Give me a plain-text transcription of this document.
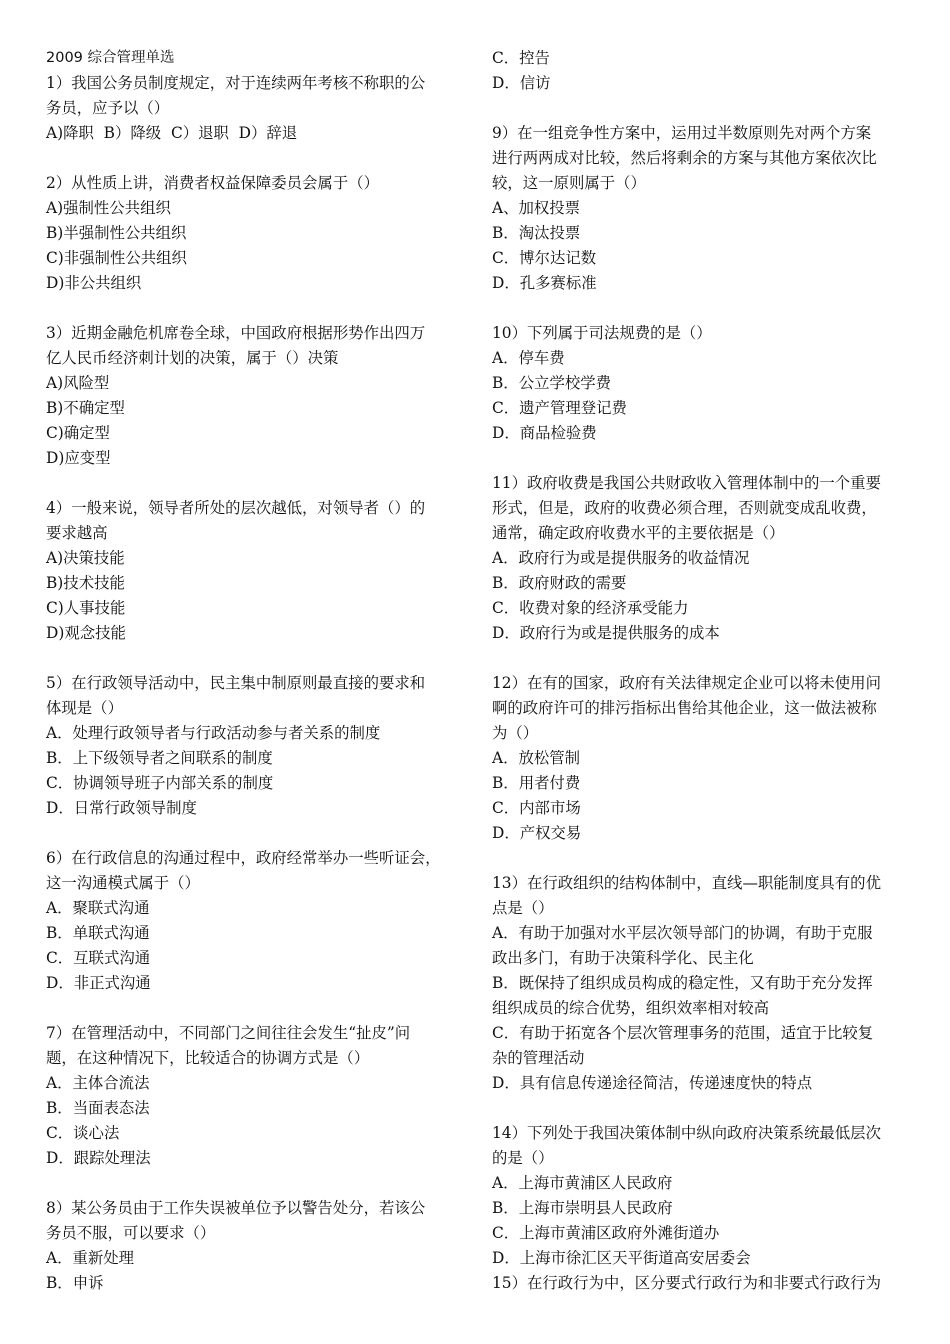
2009 综合管理单选
1）我国公务员制度规定，对于连续两年考核不称职的公
务员，应予以（）
A)降职  B）降级  C）退职  D）辞退
2）从性质上讲，消费者权益保障委员会属于（）
A)强制性公共组织
B)半强制性公共组织
C)非强制性公共组织
D)非公共组织
3）近期金融危机席卷全球，中国政府根据形势作出四万
亿人民币经济刺计划的决策，属于（）决策
A)风险型
B)不确定型
C)确定型
D)应变型
4）一般来说，领导者所处的层次越低，对领导者（）的
要求越高
A)决策技能
B)技术技能
C)人事技能
D)观念技能
5）在行政领导活动中，民主集中制原则最直接的要求和
体现是（）
A．处理行政领导者与行政活动参与者关系的制度
B．上下级领导者之间联系的制度
C．协调领导班子内部关系的制度
D．日常行政领导制度
6）在行政信息的沟通过程中，政府经常举办一些听证会，
这一沟通模式属于（）
A．聚联式沟通
B．单联式沟通
C．互联式沟通
D．非正式沟通
7）在管理活动中，不同部门之间往往会发生“扯皮”问
题，在这种情况下，比较适合的协调方式是（）
A．主体合流法
B．当面表态法
C．谈心法
D．跟踪处理法
8）某公务员由于工作失误被单位予以警告处分，若该公
务员不服，可以要求（）
A．重新处理
B．申诉
C．控告
D．信访
9）在一组竞争性方案中，运用过半数原则先对两个方案
进行两两成对比较，然后将剩余的方案与其他方案依次比
较，这一原则属于（）
A、加权投票
B．淘汰投票
C．博尔达记数
D．孔多赛标准
10）下列属于司法规费的是（）
A．停车费
B．公立学校学费
C．遗产管理登记费
D．商品检验费
11）政府收费是我国公共财政收入管理体制中的一个重要
形式，但是，政府的收费必须合理，否则就变成乱收费，
通常，确定政府收费水平的主要依据是（）
A．政府行为或是提供服务的收益情况
B．政府财政的需要
C．收费对象的经济承受能力
D．政府行为或是提供服务的成本
12）在有的国家，政府有关法律规定企业可以将未使用问
啊的政府许可的排污指标出售给其他企业，这一做法被称
为（）
A．放松管制
B．用者付费
C．内部市场
D．产权交易
13）在行政组织的结构体制中，直线—职能制度具有的优
点是（）
A．有助于加强对水平层次领导部门的协调，有助于克服
政出多门，有助于决策科学化、民主化
B．既保持了组织成员构成的稳定性，又有助于充分发挥
组织成员的综合优势，组织效率相对较高
C．有助于拓宽各个层次管理事务的范围，适宜于比较复
杂的管理活动
D．具有信息传递途径简洁，传递速度快的特点
14）下列处于我国决策体制中纵向政府决策系统最低层次
的是（）
A．上海市黄浦区人民政府
B．上海市崇明县人民政府
C．上海市黄浦区政府外滩街道办
D．上海市徐汇区天平街道高安居委会
15）在行政行为中，区分要式行政行为和非要式行政行为
